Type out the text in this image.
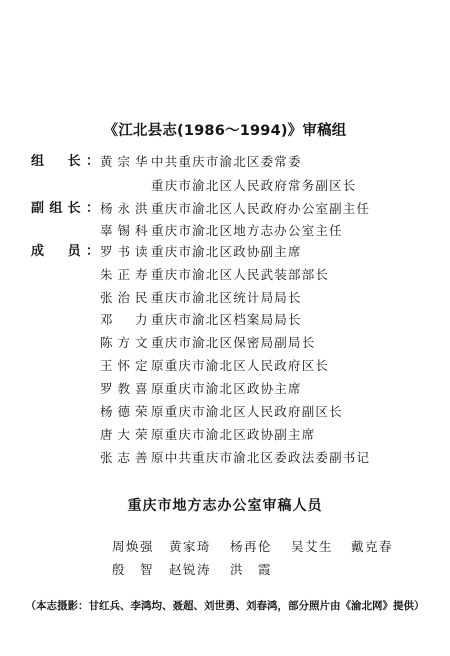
《江北县志(1986～1994)》审稿组
组　长： 黄宗华 中共重庆市渝北区委常委
重庆市渝北区人民政府常务副区长
副组长： 杨永洪 重庆市渝北区人民政府办公室副主任
辜锡科 重庆市渝北区地方志办公室主任
成　员： 罗书读 重庆市渝北区政协副主席
朱正寿 重庆市渝北区人民武装部部长
张治民 重庆市渝北区统计局局长
邓　力 重庆市渝北区档案局局长
陈方文 重庆市渝北区保密局副局长
王怀定 原重庆市渝北区人民政府区长
罗教喜 原重庆市渝北区政协主席
杨德荣 原重庆市渝北区人民政府副区长
唐大荣 原重庆市渝北区政协副主席
张志善 原中共重庆市渝北区委政法委副书记
重庆市地方志办公室审稿人员
周焕强 黄家琦 杨再伦 吴艾生 戴克春
殷　智 赵锐涛 洪　霞
（本志摄影：甘红兵、李鸿均、聂超、刘世勇、刘春鸿，部分照片由《渝北网》提供）
